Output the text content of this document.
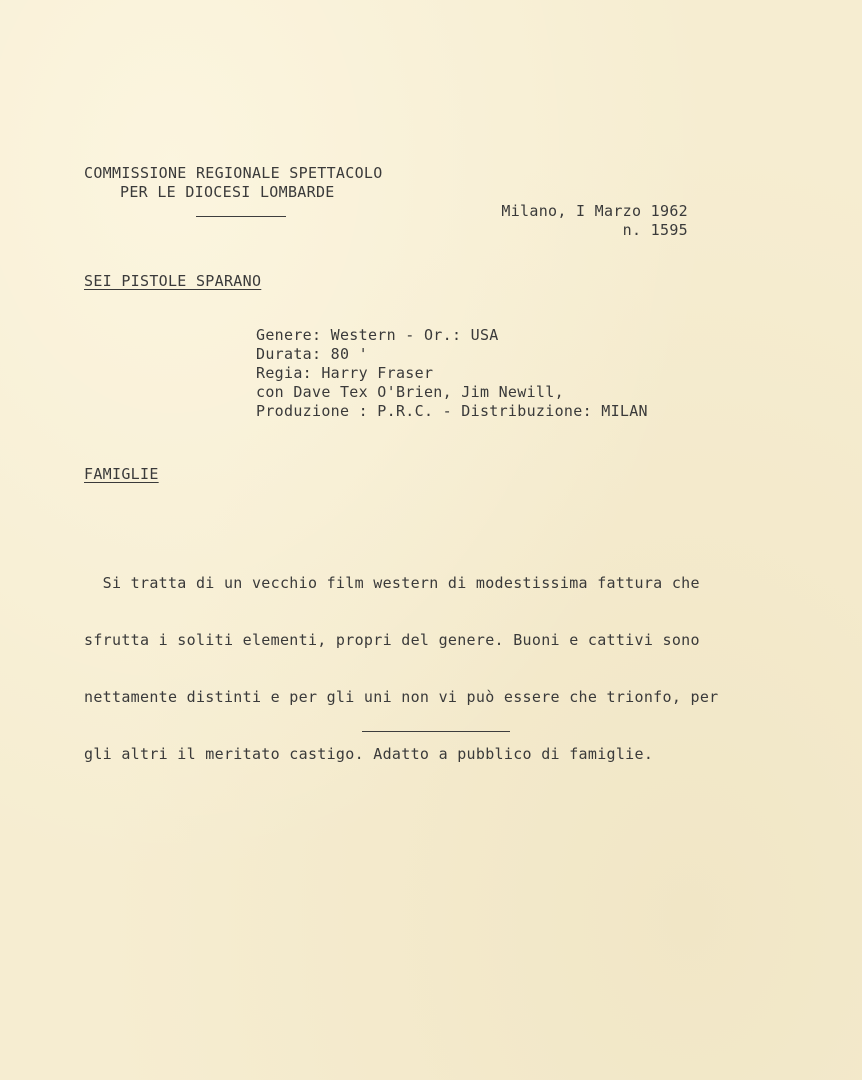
COMMISSIONE REGIONALE SPETTACOLO
PER LE DIOCESI LOMBARDE
Milano, I Marzo 1962
n. 1595
SEI PISTOLE SPARANO
Genere: Western - Or.: USA
Durata: 80 '
Regia: Harry Fraser
con Dave Tex O'Brien, Jim Newill,
Produzione : P.R.C. - Distribuzione: MILAN
FAMIGLIE

Si tratta di un vecchio film western di modestissima fattura che

sfrutta i soliti elementi, propri del genere. Buoni e cattivi sono

nettamente distinti e per gli uni non vi può essere che trionfo, per

gli altri il meritato castigo. Adatto a pubblico di famiglie.
